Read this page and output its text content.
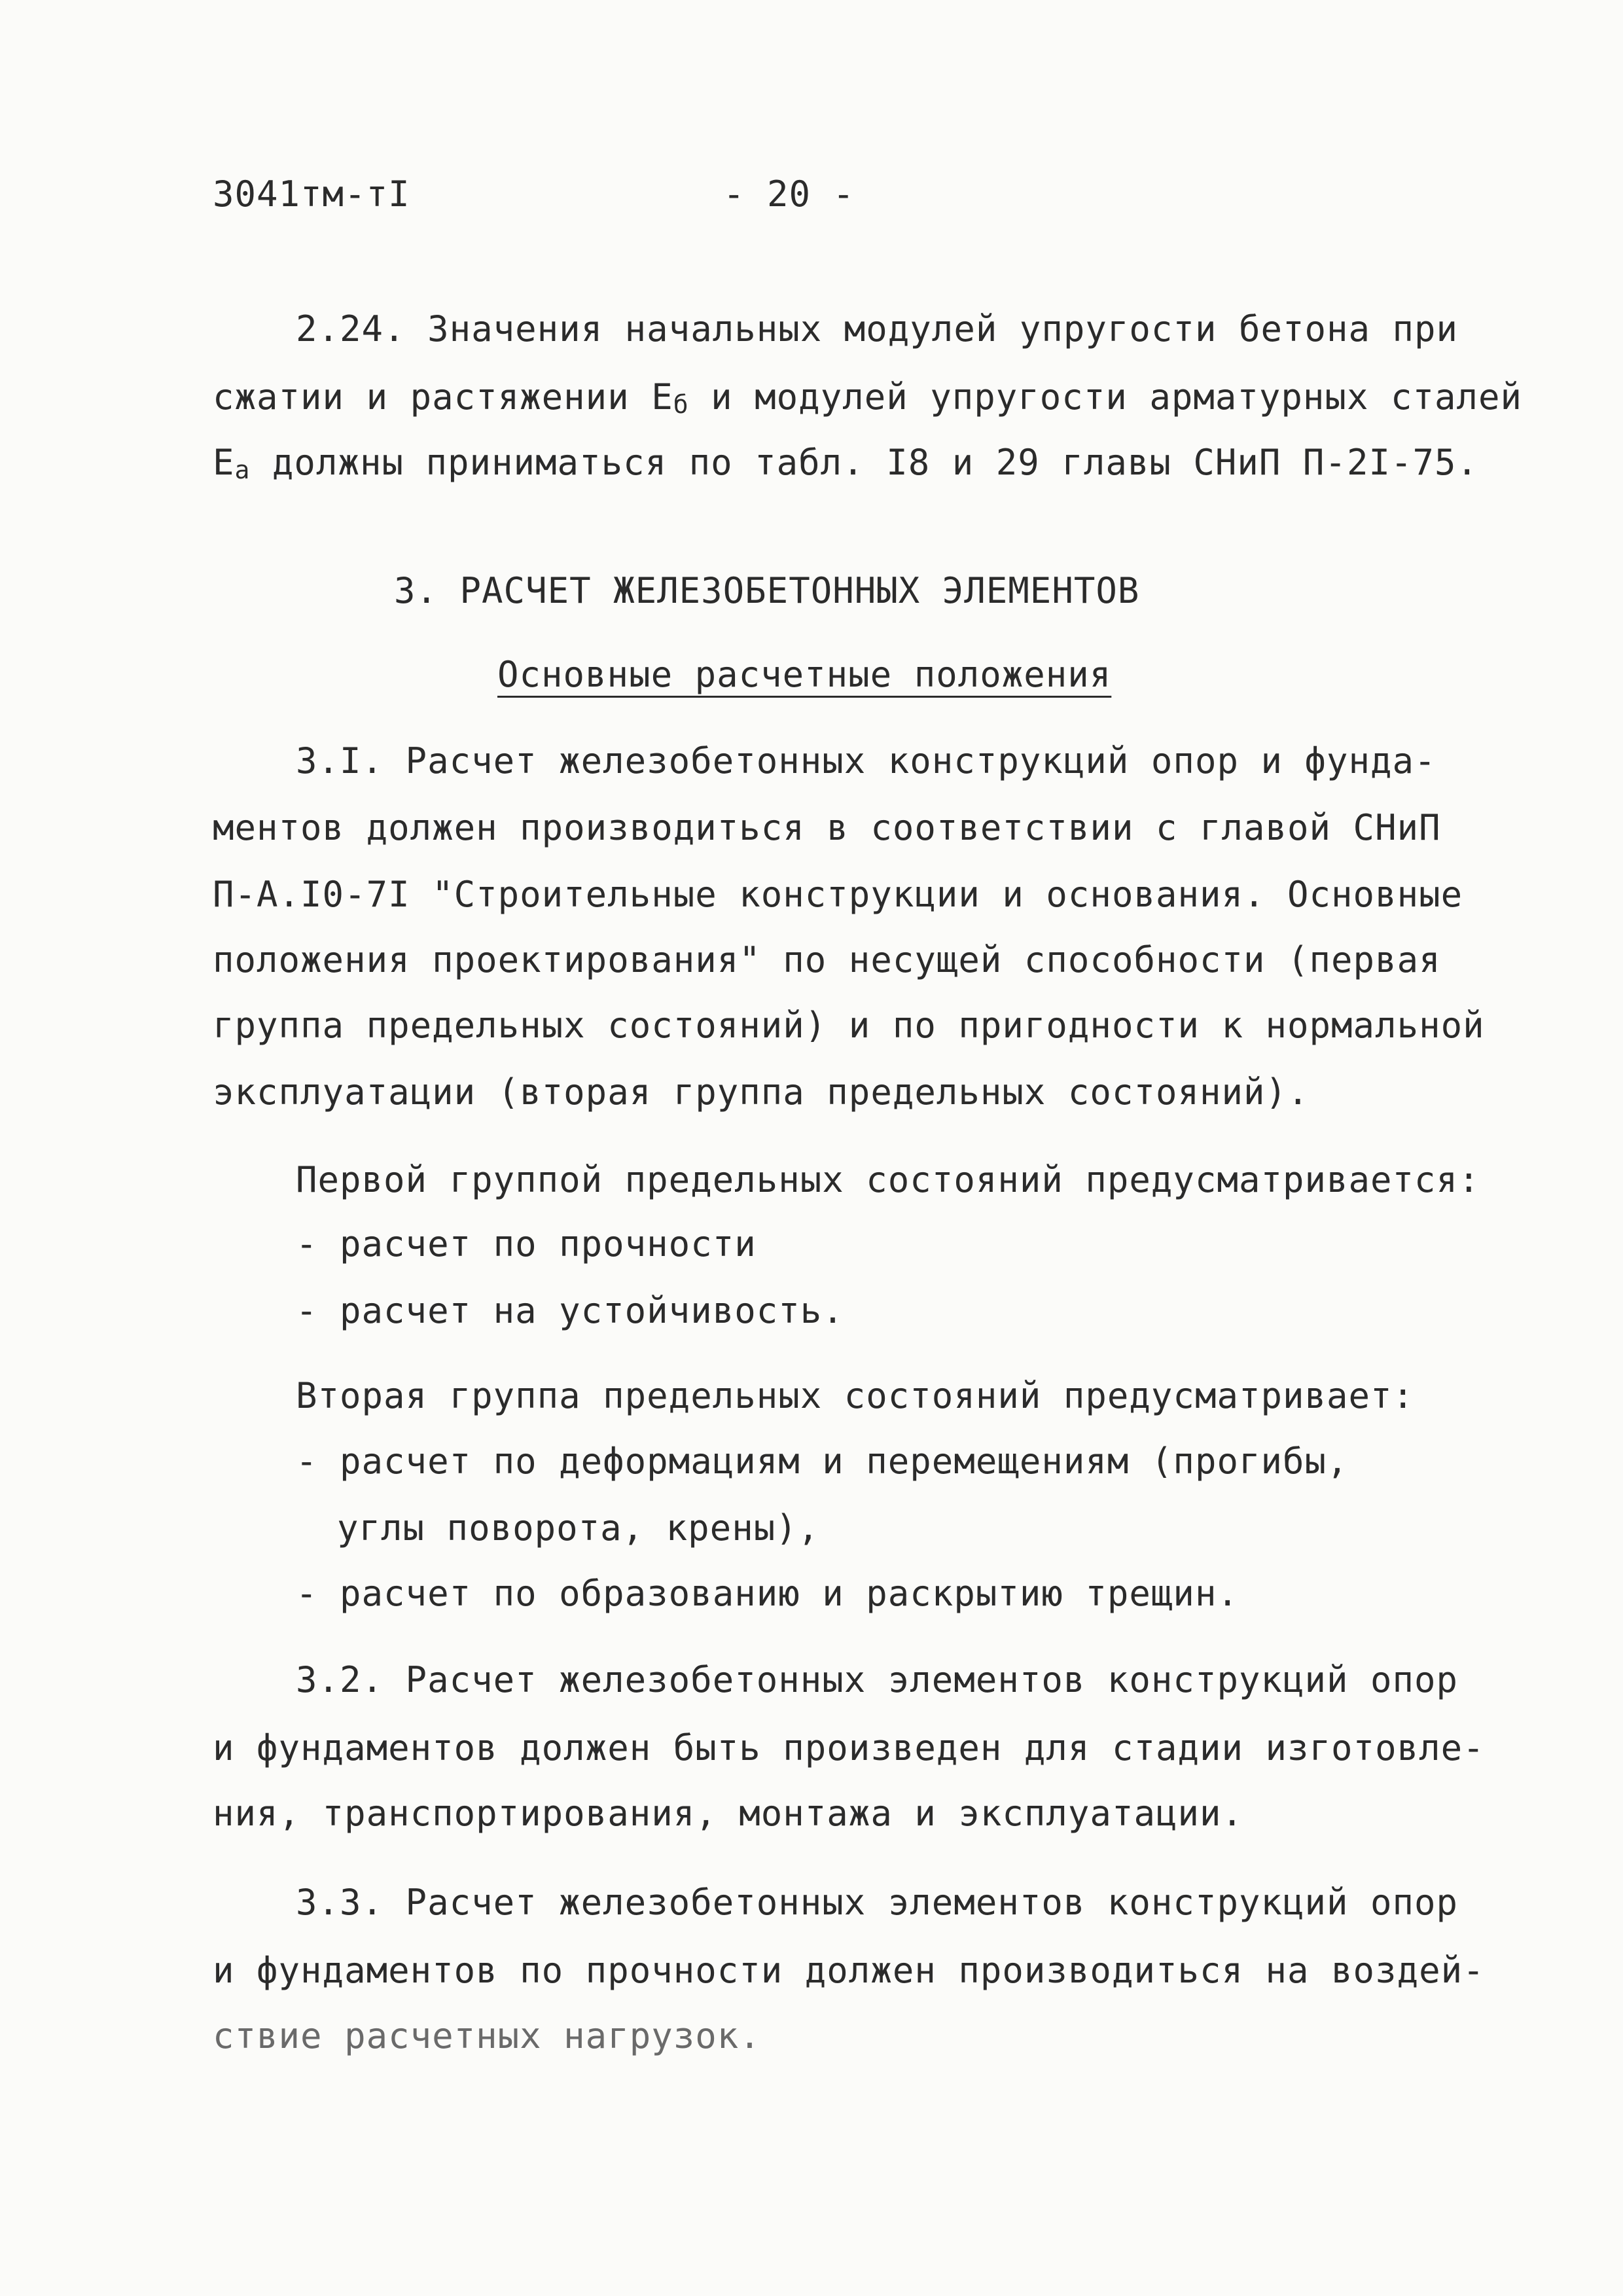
3041тм-тI	- 20 -
2.24. Значения начальных модулей упругости бетона при
сжатии и растяжении $E_б$ и модулей упругости арматурных сталей
$E_a$ должны приниматься по табл. I8 и 29 главы СНиП П-2I-75.
3. РАСЧЕТ ЖЕЛЕЗОБЕТОННЫХ ЭЛЕМЕНТОВ
Основные расчетные положения
3.I. Расчет железобетонных конструкций опор и фунда-
ментов должен производиться в соответствии с главой СНиП
П-А.I0-7I "Строительные конструкции и основания. Основные
положения проектирования" по несущей способности (первая
группа предельных состояний) и по пригодности к нормальной
эксплуатации (вторая группа предельных состояний).
Первой группой предельных состояний предусматривается:
- расчет по прочности
- расчет на устойчивость.
Вторая группа предельных состояний предусматривает:
- расчет по деформациям и перемещениям (прогибы,
углы поворота, крены),
- расчет по образованию и раскрытию трещин.
3.2. Расчет железобетонных элементов конструкций опор
и фундаментов должен быть произведен для стадии изготовле-
ния, транспортирования, монтажа и эксплуатации.
3.3. Расчет железобетонных элементов конструкций опор
и фундаментов по прочности должен производиться на воздей-
ствие расчетных нагрузок.
